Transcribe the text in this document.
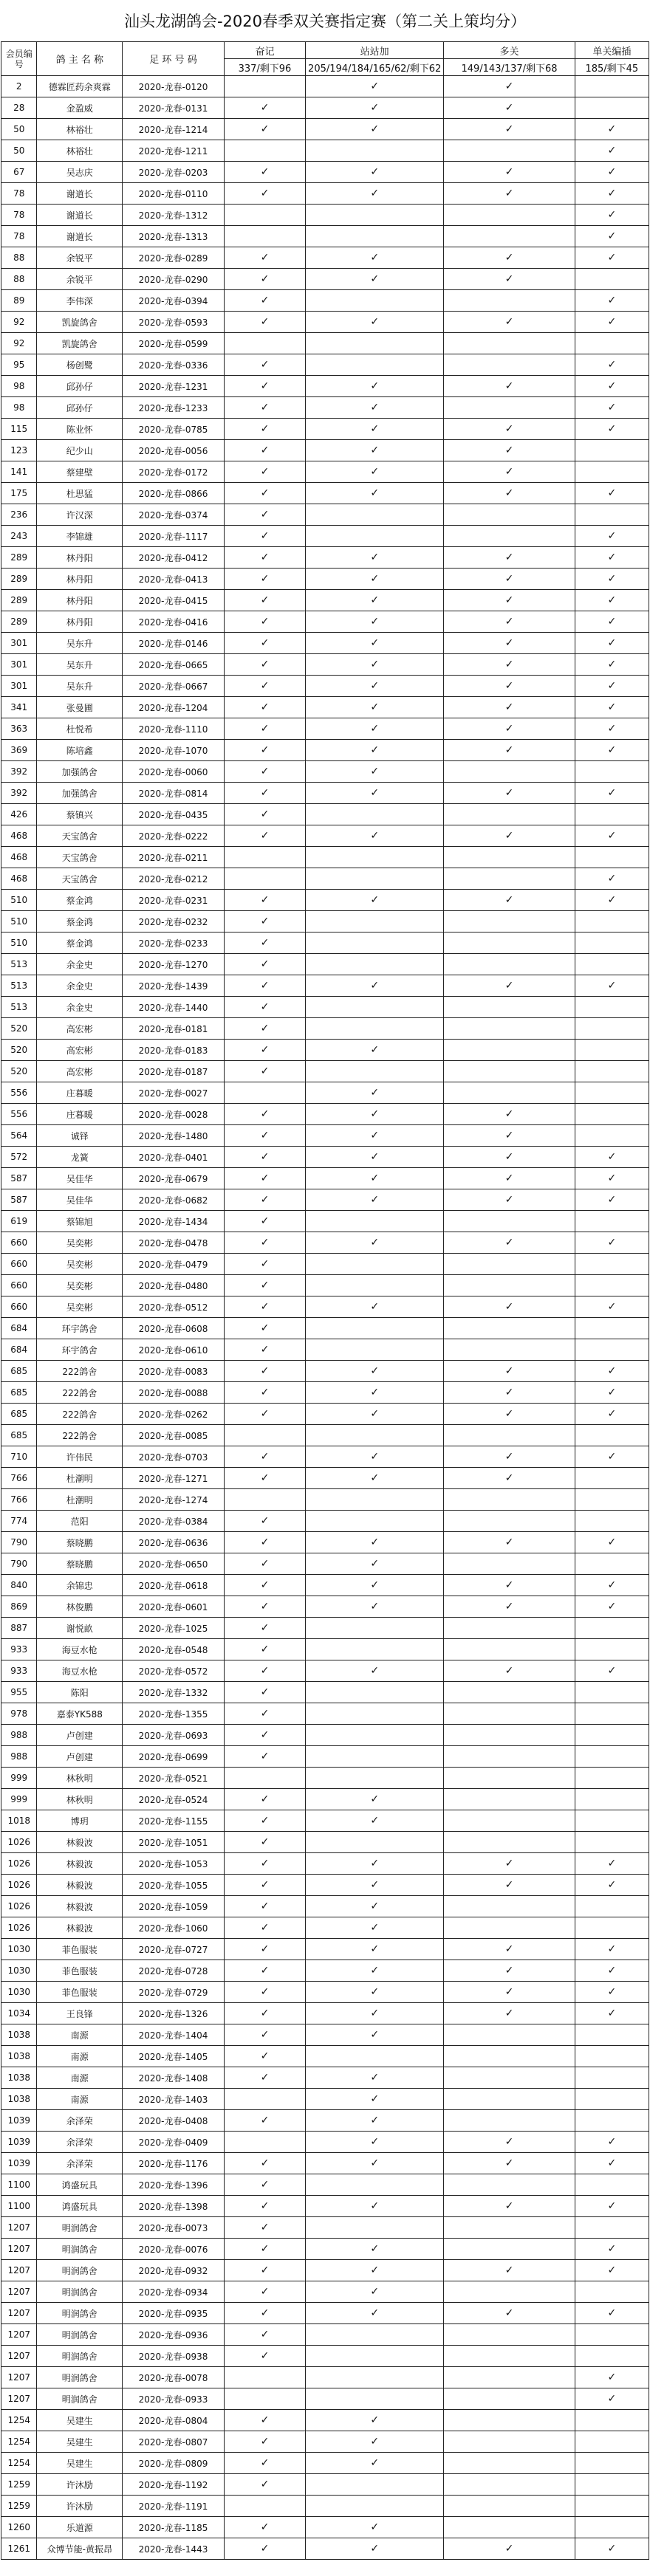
汕头龙湖鸽会-2020春季双关赛指定赛（第二关上策均分）
会员编号	鸽 主 名 称	足 环 号 码	奋记	站站加	多关	单关编插
			337/剩下96	205/194/184/165/62/剩下62	149/143/137/剩下68	185/剩下45
2	德霖匠药余爽霖	2020-龙春-0120		✓	✓	
28	金盈威	2020-龙春-0131	✓	✓	✓	
50	林裕壮	2020-龙春-1214	✓	✓	✓	✓
50	林裕壮	2020-龙春-1211				✓
67	吴志庆	2020-龙春-0203	✓	✓	✓	✓
78	谢道长	2020-龙春-0110	✓	✓	✓	✓
78	谢道长	2020-龙春-1312				✓
78	谢道长	2020-龙春-1313				✓
88	余锐平	2020-龙春-0289	✓	✓	✓	✓
88	余锐平	2020-龙春-0290	✓	✓	✓	
89	李伟深	2020-龙春-0394	✓			✓
92	凯旋鸽舍	2020-龙春-0593	✓	✓	✓	✓
92	凯旋鸽舍	2020-龙春-0599				
95	杨创鹭	2020-龙春-0336	✓			✓
98	邱孙仔	2020-龙春-1231	✓	✓	✓	✓
98	邱孙仔	2020-龙春-1233	✓	✓		✓
115	陈业怀	2020-龙春-0785	✓	✓	✓	✓
123	纪少山	2020-龙春-0056	✓	✓	✓	
141	蔡建壁	2020-龙春-0172	✓	✓	✓	
175	杜思猛	2020-龙春-0866	✓	✓	✓	✓
236	许汉深	2020-龙春-0374	✓			
243	李锦雄	2020-龙春-1117	✓			✓
289	林丹阳	2020-龙春-0412	✓	✓	✓	✓
289	林丹阳	2020-龙春-0413	✓	✓	✓	✓
289	林丹阳	2020-龙春-0415	✓	✓	✓	✓
289	林丹阳	2020-龙春-0416	✓	✓	✓	✓
301	吴东升	2020-龙春-0146	✓	✓	✓	✓
301	吴东升	2020-龙春-0665	✓	✓	✓	✓
301	吴东升	2020-龙春-0667	✓	✓	✓	✓
341	张曼圃	2020-龙春-1204	✓	✓	✓	✓
363	杜悦希	2020-龙春-1110	✓	✓	✓	✓
369	陈培鑫	2020-龙春-1070	✓	✓	✓	✓
392	加强鸽舍	2020-龙春-0060	✓	✓		
392	加强鸽舍	2020-龙春-0814	✓	✓	✓	✓
426	蔡镇兴	2020-龙春-0435	✓			
468	天宝鸽舍	2020-龙春-0222	✓	✓	✓	✓
468	天宝鸽舍	2020-龙春-0211				
468	天宝鸽舍	2020-龙春-0212				✓
510	蔡金鸿	2020-龙春-0231	✓	✓	✓	✓
510	蔡金鸿	2020-龙春-0232	✓			
510	蔡金鸿	2020-龙春-0233	✓			
513	余金史	2020-龙春-1270	✓			
513	余金史	2020-龙春-1439	✓	✓	✓	✓
513	余金史	2020-龙春-1440	✓			
520	高宏彬	2020-龙春-0181	✓			
520	高宏彬	2020-龙春-0183	✓	✓		
520	高宏彬	2020-龙春-0187	✓			
556	庄暮暖	2020-龙春-0027		✓		
556	庄暮暖	2020-龙春-0028	✓	✓	✓	
564	诚铎	2020-龙春-1480	✓	✓	✓	
572	龙簧	2020-龙春-0401	✓	✓	✓	✓
587	吴佳华	2020-龙春-0679	✓	✓	✓	✓
587	吴佳华	2020-龙春-0682	✓	✓	✓	✓
619	蔡锦旭	2020-龙春-1434	✓			
660	吴奕彬	2020-龙春-0478	✓	✓	✓	✓
660	吴奕彬	2020-龙春-0479	✓			
660	吴奕彬	2020-龙春-0480	✓			
660	吴奕彬	2020-龙春-0512	✓	✓	✓	✓
684	环宇鸽舍	2020-龙春-0608	✓			
684	环宇鸽舍	2020-龙春-0610	✓			
685	222鸽舍	2020-龙春-0083	✓	✓	✓	✓
685	222鸽舍	2020-龙春-0088	✓	✓	✓	✓
685	222鸽舍	2020-龙春-0262	✓	✓	✓	✓
685	222鸽舍	2020-龙春-0085				
710	许伟民	2020-龙春-0703	✓	✓	✓	✓
766	杜潮明	2020-龙春-1271	✓	✓	✓	
766	杜潮明	2020-龙春-1274				
774	范阳	2020-龙春-0384	✓			
790	蔡晓鹏	2020-龙春-0636	✓	✓	✓	✓
790	蔡晓鹏	2020-龙春-0650	✓	✓		
840	余锦忠	2020-龙春-0618	✓	✓	✓	✓
869	林俊鹏	2020-龙春-0601	✓	✓	✓	✓
887	谢悦畝	2020-龙春-1025	✓			
933	海豆水枪	2020-龙春-0548	✓			
933	海豆水枪	2020-龙春-0572	✓	✓	✓	✓
955	陈阳	2020-龙春-1332	✓			
978	嘉泰YK588	2020-龙春-1355	✓			
988	卢创建	2020-龙春-0693	✓			
988	卢创建	2020-龙春-0699	✓			
999	林秋明	2020-龙春-0521				
999	林秋明	2020-龙春-0524	✓	✓		
1018	博玥	2020-龙春-1155	✓	✓		
1026	林毅波	2020-龙春-1051	✓			
1026	林毅波	2020-龙春-1053	✓	✓	✓	✓
1026	林毅波	2020-龙春-1055	✓	✓	✓	✓
1026	林毅波	2020-龙春-1059	✓	✓		
1026	林毅波	2020-龙春-1060	✓	✓		
1030	菲色服装	2020-龙春-0727	✓	✓	✓	✓
1030	菲色服装	2020-龙春-0728	✓	✓	✓	✓
1030	菲色服装	2020-龙春-0729	✓	✓	✓	✓
1034	王良锋	2020-龙春-1326	✓	✓	✓	✓
1038	南源	2020-龙春-1404	✓	✓		
1038	南源	2020-龙春-1405	✓			
1038	南源	2020-龙春-1408	✓	✓		
1038	南源	2020-龙春-1403		✓		
1039	余泽荣	2020-龙春-0408	✓	✓		
1039	余泽荣	2020-龙春-0409		✓	✓	✓
1039	余泽荣	2020-龙春-1176	✓	✓	✓	✓
1100	鸿盛玩具	2020-龙春-1396	✓			
1100	鸿盛玩具	2020-龙春-1398	✓	✓	✓	✓
1207	明润鸽舍	2020-龙春-0073	✓			
1207	明润鸽舍	2020-龙春-0076	✓	✓		✓
1207	明润鸽舍	2020-龙春-0932	✓	✓	✓	✓
1207	明润鸽舍	2020-龙春-0934	✓	✓		
1207	明润鸽舍	2020-龙春-0935	✓	✓	✓	✓
1207	明润鸽舍	2020-龙春-0936	✓			
1207	明润鸽舍	2020-龙春-0938	✓			
1207	明润鸽舍	2020-龙春-0078				✓
1207	明润鸽舍	2020-龙春-0933				✓
1254	吴建生	2020-龙春-0804	✓	✓		
1254	吴建生	2020-龙春-0807	✓	✓		
1254	吴建生	2020-龙春-0809	✓	✓		
1259	许沐励	2020-龙春-1192	✓			
1259	许沐励	2020-龙春-1191				
1260	乐道源	2020-龙春-1185	✓	✓		
1261	众博节能-黄振昂	2020-龙春-1443	✓	✓	✓	✓
